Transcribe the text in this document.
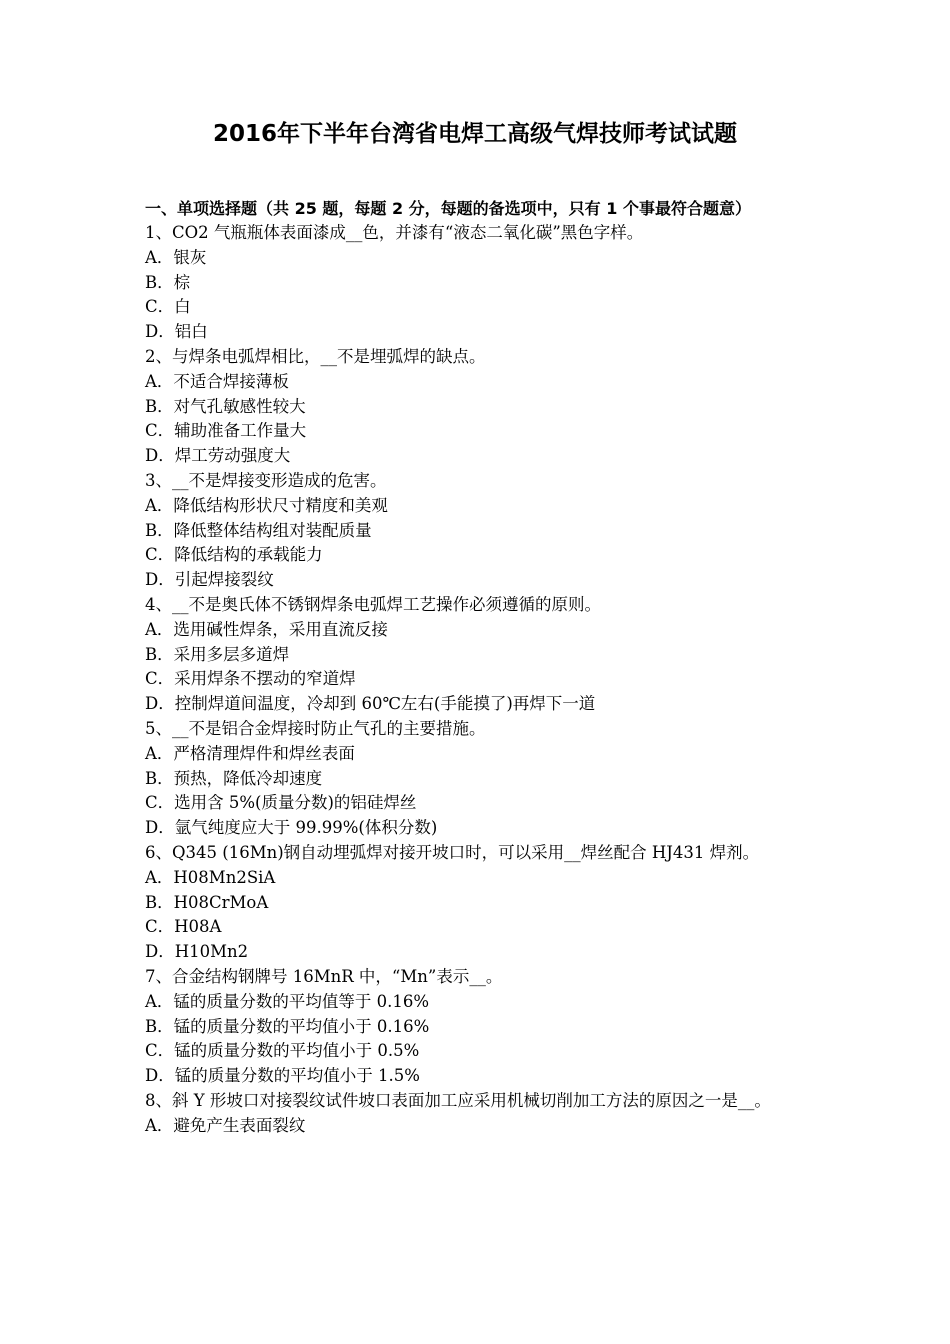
2016年下半年台湾省电焊工高级气焊技师考试试题

一、单项选择题（共 25 题，每题 2 分，每题的备选项中，只有 1 个事最符合题意）

1、CO2 气瓶瓶体表面漆成__色，并漆有“液态二氧化碳”黑色字样。

A．银灰

B．棕

C．白

D．铝白

2、与焊条电弧焊相比，__不是埋弧焊的缺点。

A．不适合焊接薄板

B．对气孔敏感性较大

C．辅助准备工作量大

D．焊工劳动强度大

3、__不是焊接变形造成的危害。

A．降低结构形状尺寸精度和美观

B．降低整体结构组对装配质量

C．降低结构的承载能力

D．引起焊接裂纹

4、__不是奥氏体不锈钢焊条电弧焊工艺操作必须遵循的原则。

A．选用碱性焊条，采用直流反接

B．采用多层多道焊

C．采用焊条不摆动的窄道焊

D．控制焊道间温度，冷却到 60℃左右(手能摸了)再焊下一道

5、__不是铝合金焊接时防止气孔的主要措施。

A．严格清理焊件和焊丝表面

B．预热，降低冷却速度

C．选用含 5%(质量分数)的铝硅焊丝

D．氩气纯度应大于 99.99%(体积分数)

6、Q345 (16Mn)钢自动埋弧焊对接开坡口时，可以采用__焊丝配合 HJ431 焊剂。

A．H08Mn2SiA

B．H08CrMoA

C．H08A

D．H10Mn2

7、合金结构钢牌号 16MnR 中，“Mn”表示__。

A．锰的质量分数的平均值等于 0.16%

B．锰的质量分数的平均值小于 0.16%

C．锰的质量分数的平均值小于 0.5%

D．锰的质量分数的平均值小于 1.5%

8、斜 Y 形坡口对接裂纹试件坡口表面加工应采用机械切削加工方法的原因之一是__。

A．避免产生表面裂纹
